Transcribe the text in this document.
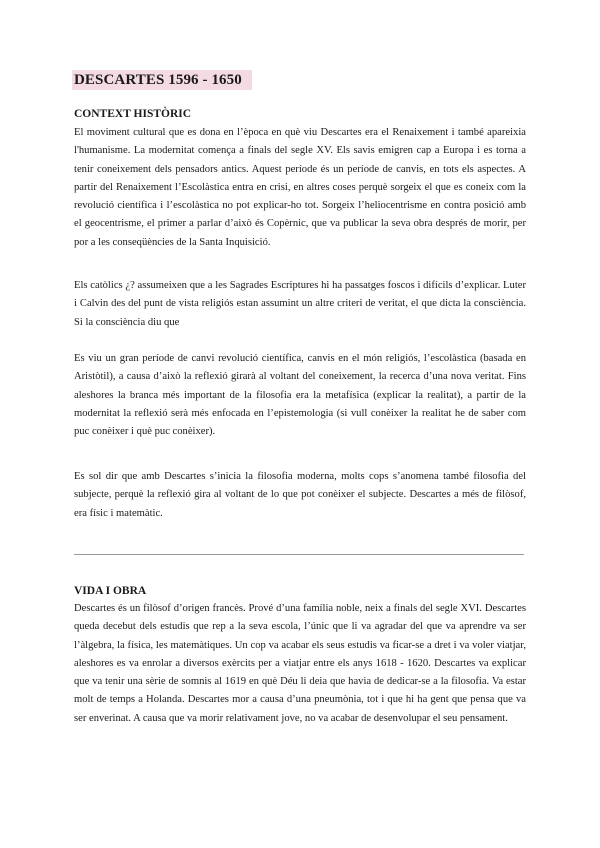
DESCARTES 1596 - 1650
CONTEXT HISTÒRIC
El moviment cultural que es dona en l’època en què viu Descartes era el Renaixement i també apareixia l'humanisme. La modernitat comença a finals del segle XV. Els savis emigren cap a Europa i es torna a tenir coneixement dels pensadors antics. Aquest període és un període de canvis, en tots els aspectes. A partir del Renaixement l’Escolàstica entra en crisi, en altres coses perquè sorgeix el que es coneix com la revolució científica i l’escolàstica no pot explicar-ho tot. Sorgeix l’heliocentrisme en contra posició amb el geocentrisme, el primer a parlar d’això és Copèrnic, que va publicar la seva obra després de morir, per por a les conseqüències de la Santa Inquisició.
Els catòlics ¿? assumeixen que a les Sagrades Escriptures hi ha passatges foscos i difícils d’explicar. Luter i Calvin des del punt de vista religiós estan assumint un altre criteri de veritat, el que dicta la consciència. Si la consciència diu que
Es viu un gran període de canvi revolució científica, canvis en el món religiós, l’escolàstica (basada en Aristòtil), a causa d’això la reflexió girarà al voltant del coneixement, la recerca d’una nova veritat. Fins aleshores la branca més important de la filosofia era la metafísica (explicar la realitat), a partir de la modernitat la reflexió serà més enfocada en l’epistemologia (si vull conèixer la realitat he de saber com puc conèixer i què puc conèixer).
Es sol dir que amb Descartes s’inicia la filosofia moderna, molts cops s’anomena també filosofia del subjecte, perquè la reflexió gira al voltant de lo que pot conèixer el subjecte. Descartes a més de filòsof, era físic i matemàtic.
VIDA I OBRA
Descartes és un filòsof d’origen francès. Prové d’una família noble, neix a finals del segle XVI. Descartes queda decebut dels estudis que rep a la seva escola, l’únic que li va agradar del que va aprendre va ser l’àlgebra, la física, les matemàtiques. Un cop va acabar els seus estudis va ficar-se a dret i va voler viatjar, aleshores es va enrolar a diversos exèrcits per a viatjar entre els anys 1618 - 1620. Descartes va explicar que va tenir una sèrie de somnis al 1619 en què Déu li deia que havia de dedicar-se a la filosofia. Va estar molt de temps a Holanda. Descartes mor a causa d’una pneumònia, tot i que hi ha gent que pensa que va ser enverinat. A causa que va morir relativament jove, no va acabar de desenvolupar el seu pensament.
